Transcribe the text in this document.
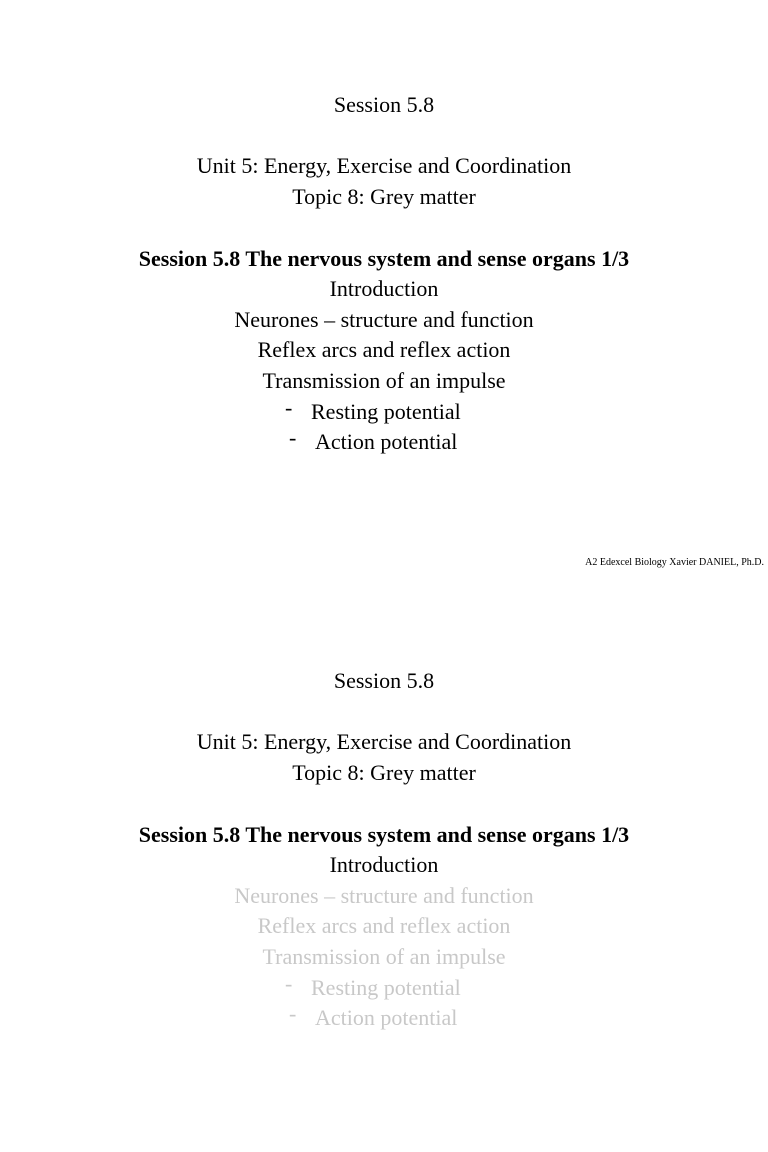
Session 5.8

Unit 5: Energy, Exercise and Coordination

Topic 8: Grey matter

Session 5.8 The nervous system and sense organs 1/3

Introduction

Neurones – structure and function

Reflex arcs and reflex action

Transmission of an impulse

- Resting potential
- Action potential
A2 Edexcel Biology Xavier DANIEL, Ph.D.

Session 5.8

Unit 5: Energy, Exercise and Coordination

Topic 8: Grey matter

Session 5.8 The nervous system and sense organs 1/3

Introduction

Neurones – structure and function

Reflex arcs and reflex action

Transmission of an impulse

- Resting potential
- Action potential
